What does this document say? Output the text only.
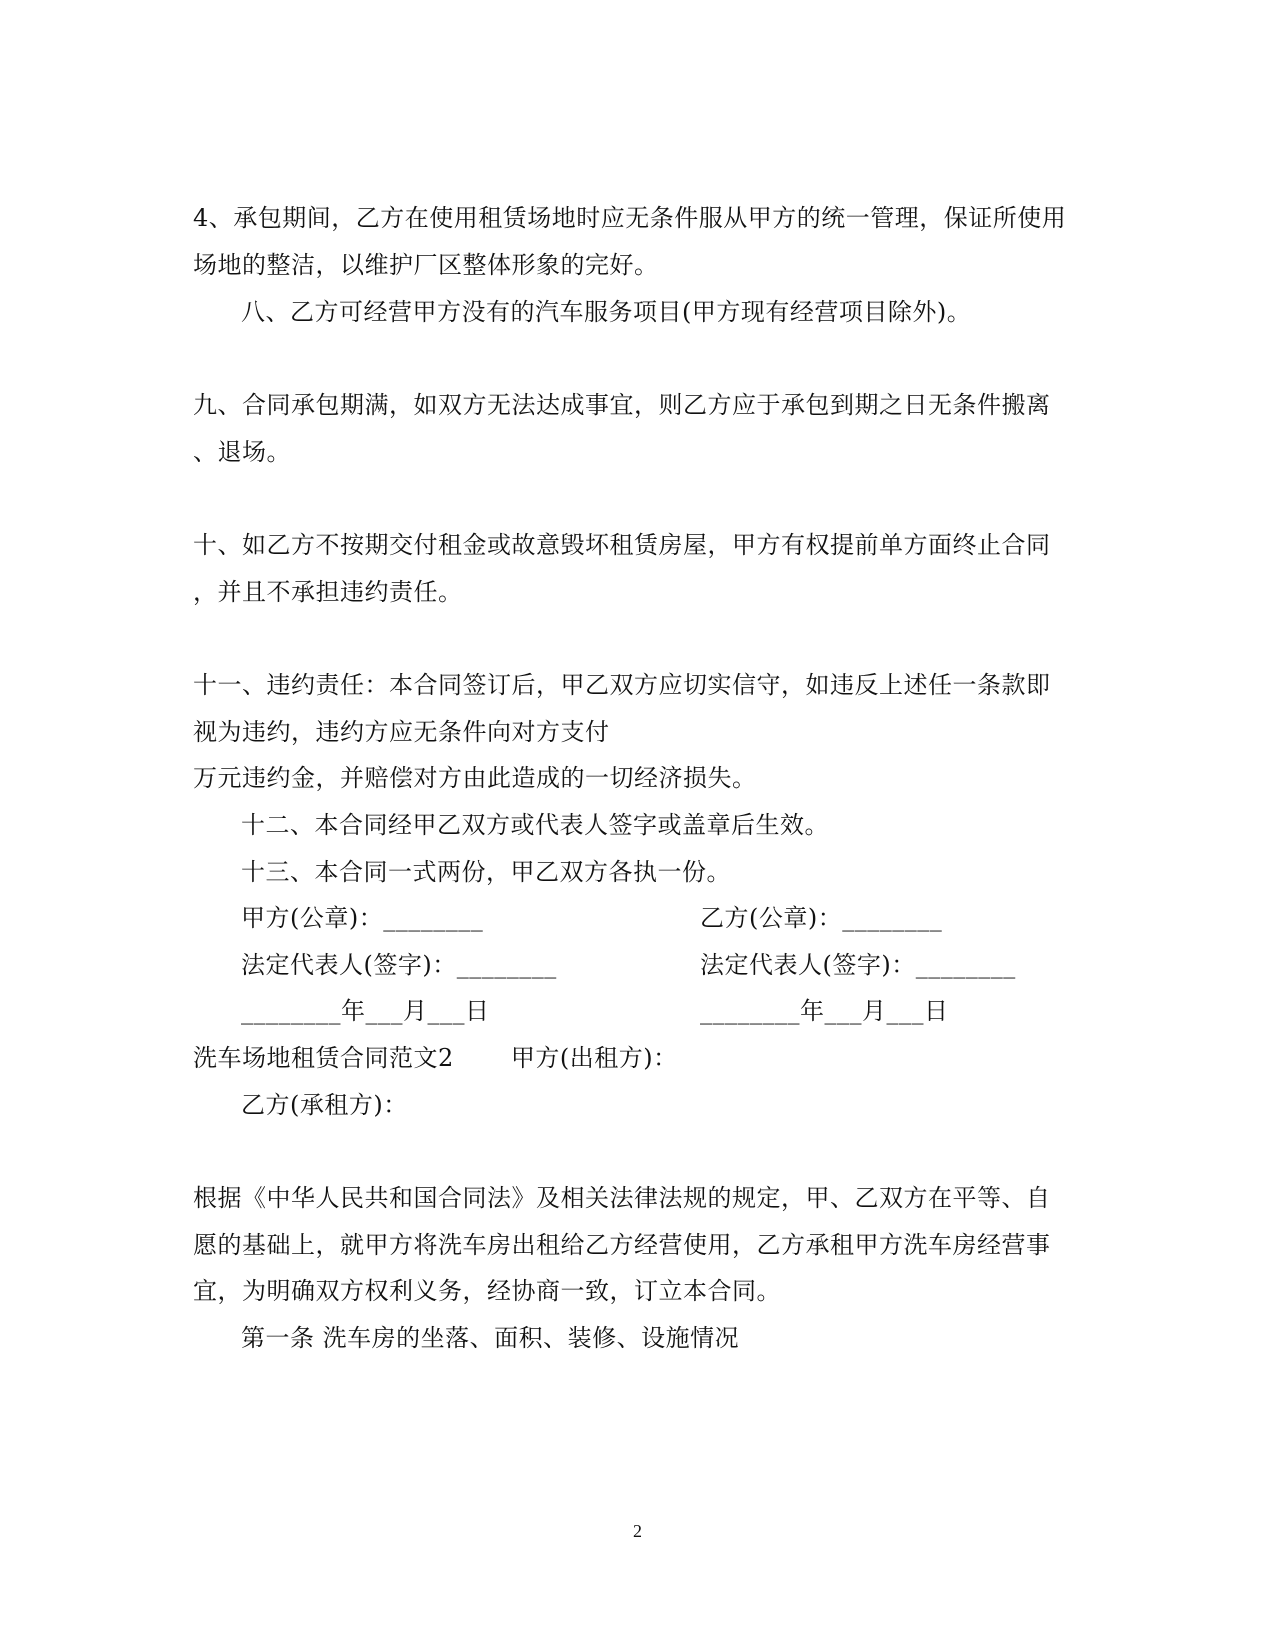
4、承包期间，乙方在使用租赁场地时应无条件服从甲方的统一管理，保证所使用

场地的整洁，以维护厂区整体形象的完好。

八、乙方可经营甲方没有的汽车服务项目(甲方现有经营项目除外)。

九、合同承包期满，如双方无法达成事宜，则乙方应于承包到期之日无条件搬离

、退场。

十、如乙方不按期交付租金或故意毁坏租赁房屋，甲方有权提前单方面终止合同

，并且不承担违约责任。

十一、违约责任：本合同签订后，甲乙双方应切实信守，如违反上述任一条款即

视为违约，违约方应无条件向对方支付

万元违约金，并赔偿对方由此造成的一切经济损失。

十二、本合同经甲乙双方或代表人签字或盖章后生效。

十三、本合同一式两份，甲乙双方各执一份。

甲方(公章)：________	乙方(公章)：________

法定代表人(签字)：________	法定代表人(签字)：________

________年___月___日	________年___月___日

洗车场地租赁合同范文2　　 甲方(出租方)：

乙方(承租方)：

根据《中华人民共和国合同法》及相关法律法规的规定，甲、乙双方在平等、自

愿的基础上，就甲方将洗车房出租给乙方经营使用，乙方承租甲方洗车房经营事

宜，为明确双方权利义务，经协商一致，订立本合同。

第一条 洗车房的坐落、面积、装修、设施情况

2
